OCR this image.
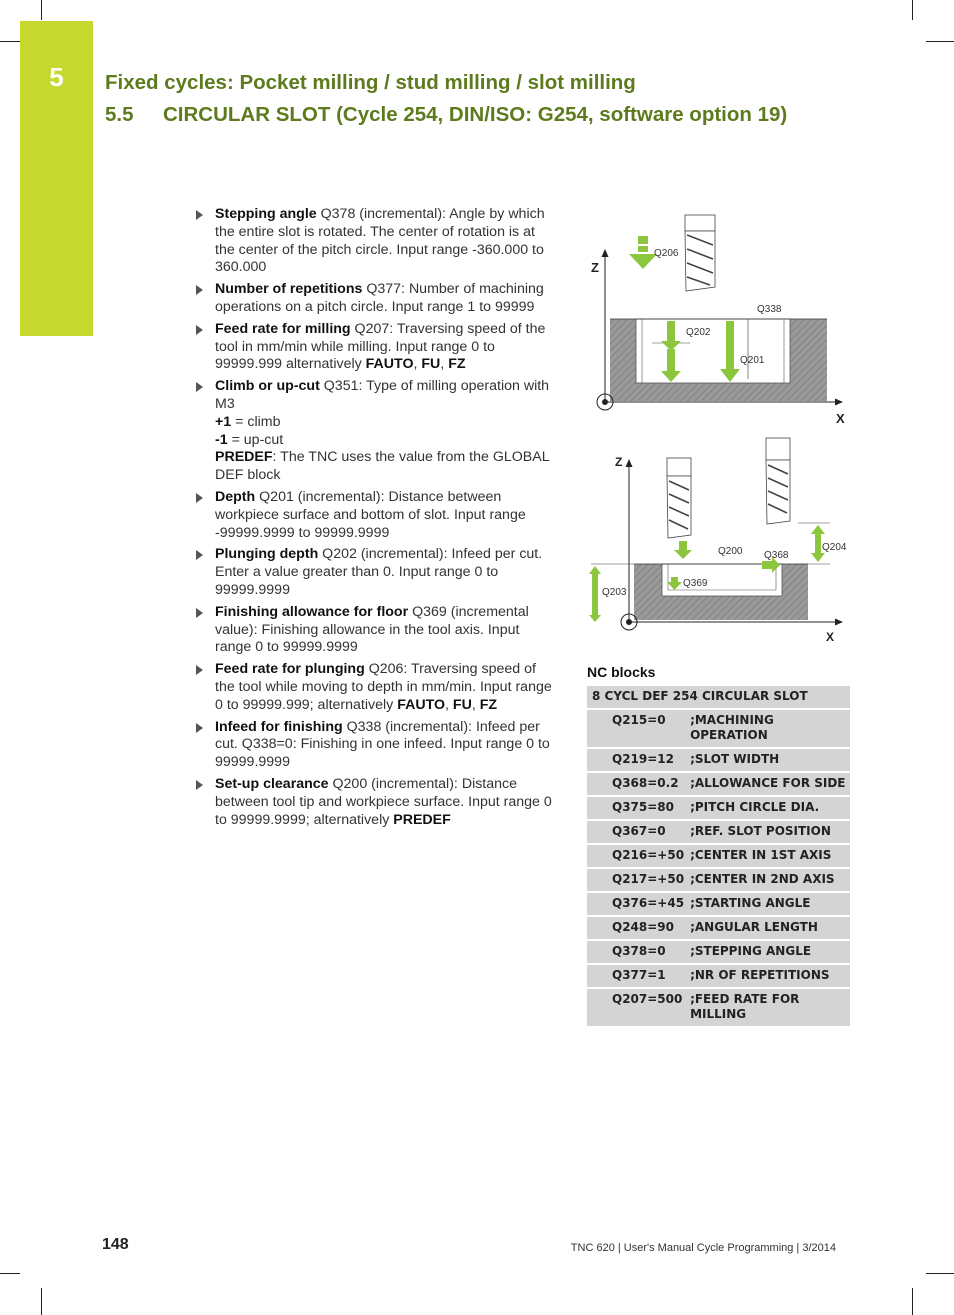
5	Fixed cycles: Pocket milling / stud milling / slot milling
5.5 CIRCULAR SLOT (Cycle 254, DIN/ISO: G254, software option 19)
Stepping angle Q378 (incremental): Angle by which the entire slot is rotated. The center of rotation is at the center of the pitch circle. Input range -360.000 to 360.000
Number of repetitions Q377: Number of machining operations on a pitch circle. Input range 1 to 99999
Feed rate for milling Q207: Traversing speed of the tool in mm/min while milling. Input range 0 to 99999.999 alternatively FAUTO, FU, FZ
Climb or up-cut Q351: Type of milling operation with M3
+1 = climb
-1 = up-cut
PREDEF: The TNC uses the value from the GLOBAL DEF block
Depth Q201 (incremental): Distance between workpiece surface and bottom of slot. Input range -99999.9999 to 99999.9999
Plunging depth Q202 (incremental): Infeed per cut. Enter a value greater than 0. Input range 0 to 99999.9999
Finishing allowance for floor Q369 (incremental value): Finishing allowance in the tool axis. Input range 0 to 99999.9999
Feed rate for plunging Q206: Traversing speed of the tool while moving to depth in mm/min. Input range 0 to 99999.999; alternatively FAUTO, FU, FZ
Infeed for finishing Q338 (incremental): Infeed per cut. Q338=0: Finishing in one infeed. Input range 0 to 99999.9999
Set-up clearance Q200 (incremental): Distance between tool tip and workpiece surface. Input range 0 to 99999.9999; alternatively PREDEF
Z
X
Q206
Q338
Q202
Q201
Z
X
Q200 Q368
Q204
Q203
Q369
NC blocks
8 CYCL DEF 254 CIRCULAR SLOT	
Q215=0	;MACHINING OPERATION
Q219=12	;SLOT WIDTH
Q368=0.2	;ALLOWANCE FOR SIDE
Q375=80	;PITCH CIRCLE DIA.
Q367=0	;REF. SLOT POSITION
Q216=+50	;CENTER IN 1ST AXIS
Q217=+50	;CENTER IN 2ND AXIS
Q376=+45	;STARTING ANGLE
Q248=90	;ANGULAR LENGTH
Q378=0	;STEPPING ANGLE
Q377=1	;NR OF REPETITIONS
Q207=500	;FEED RATE FOR MILLING
148	TNC 620 | User's Manual Cycle Programming | 3/2014
